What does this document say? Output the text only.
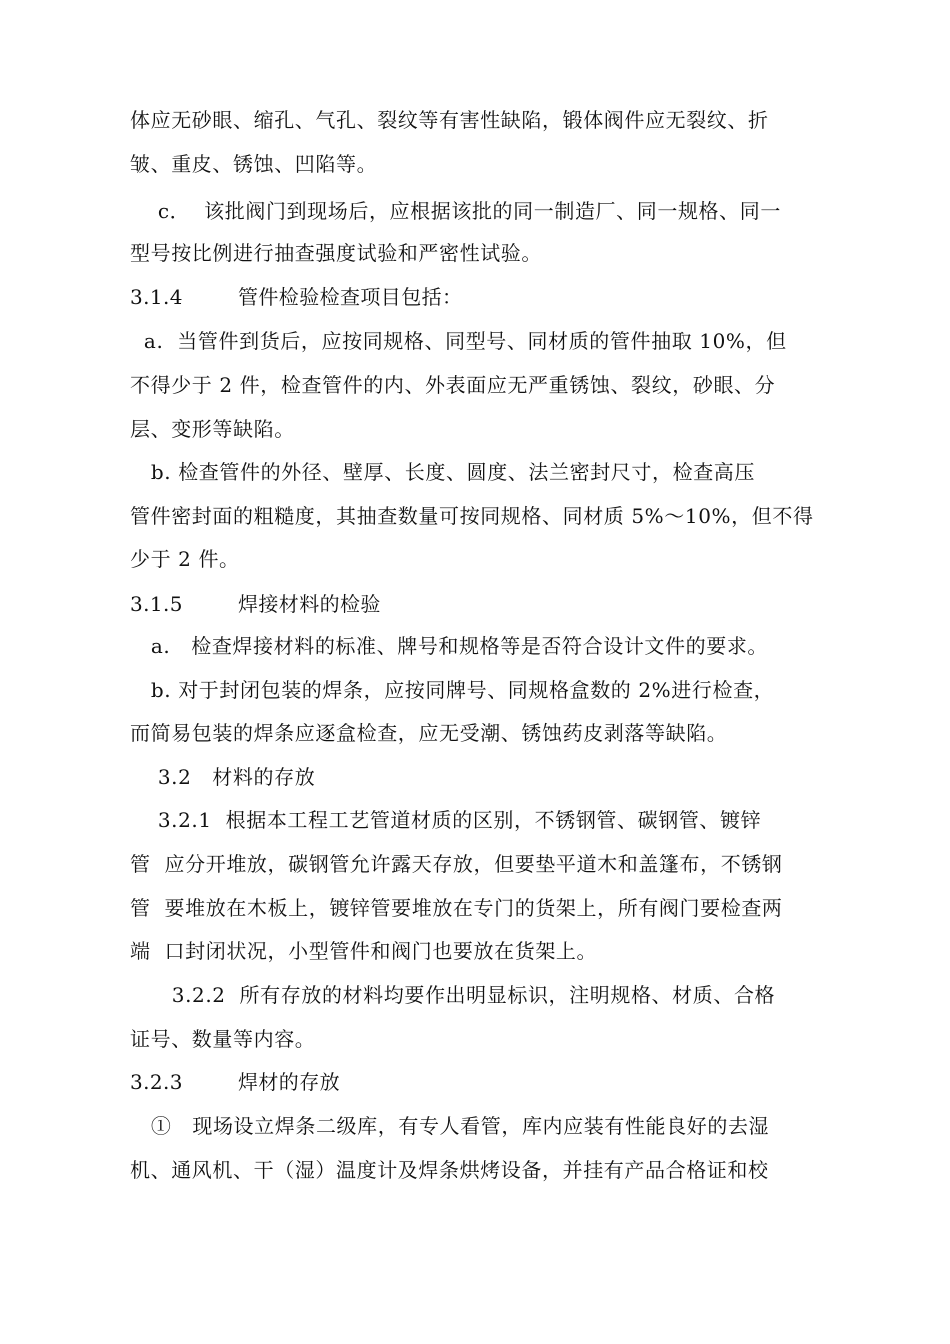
体应无砂眼、缩孔、气孔、裂纹等有害性缺陷，锻体阀件应无裂纹、折
皱、重皮、锈蚀、凹陷等。
c．  该批阀门到现场后，应根据该批的同一制造厂、同一规格、同一
型号按比例进行抽查强度试验和严密性试验。
3.1.4	管件检验检查项目包括：
a.  当管件到货后，应按同规格、同型号、同材质的管件抽取 10%，但
不得少于 2 件，检查管件的内、外表面应无严重锈蚀、裂纹，砂眼、分
层、变形等缺陷。
b. 检查管件的外径、壁厚、长度、圆度、法兰密封尺寸，检查高压
管件密封面的粗糙度，其抽查数量可按同规格、同材质 5%～10%，但不得
少于 2 件。
3.1.5	焊接材料的检验
a.   检查焊接材料的标准、牌号和规格等是否符合设计文件的要求。
b. 对于封闭包装的焊条，应按同牌号、同规格盒数的 2%进行检查，
而简易包装的焊条应逐盒检查，应无受潮、锈蚀药皮剥落等缺陷。
3.2   材料的存放
3.2.1  根据本工程工艺管道材质的区别，不锈钢管、碳钢管、镀锌
管  应分开堆放，碳钢管允许露天存放，但要垫平道木和盖篷布，不锈钢
管  要堆放在木板上，镀锌管要堆放在专门的货架上，所有阀门要检查两
端  口封闭状况，小型管件和阀门也要放在货架上。
3.2.2  所有存放的材料均要作出明显标识，注明规格、材质、合格
证号、数量等内容。
3.2.3	焊材的存放
①   现场设立焊条二级库，有专人看管，库内应装有性能良好的去湿
机、通风机、干（湿）温度计及焊条烘烤设备，并挂有产品合格证和校
